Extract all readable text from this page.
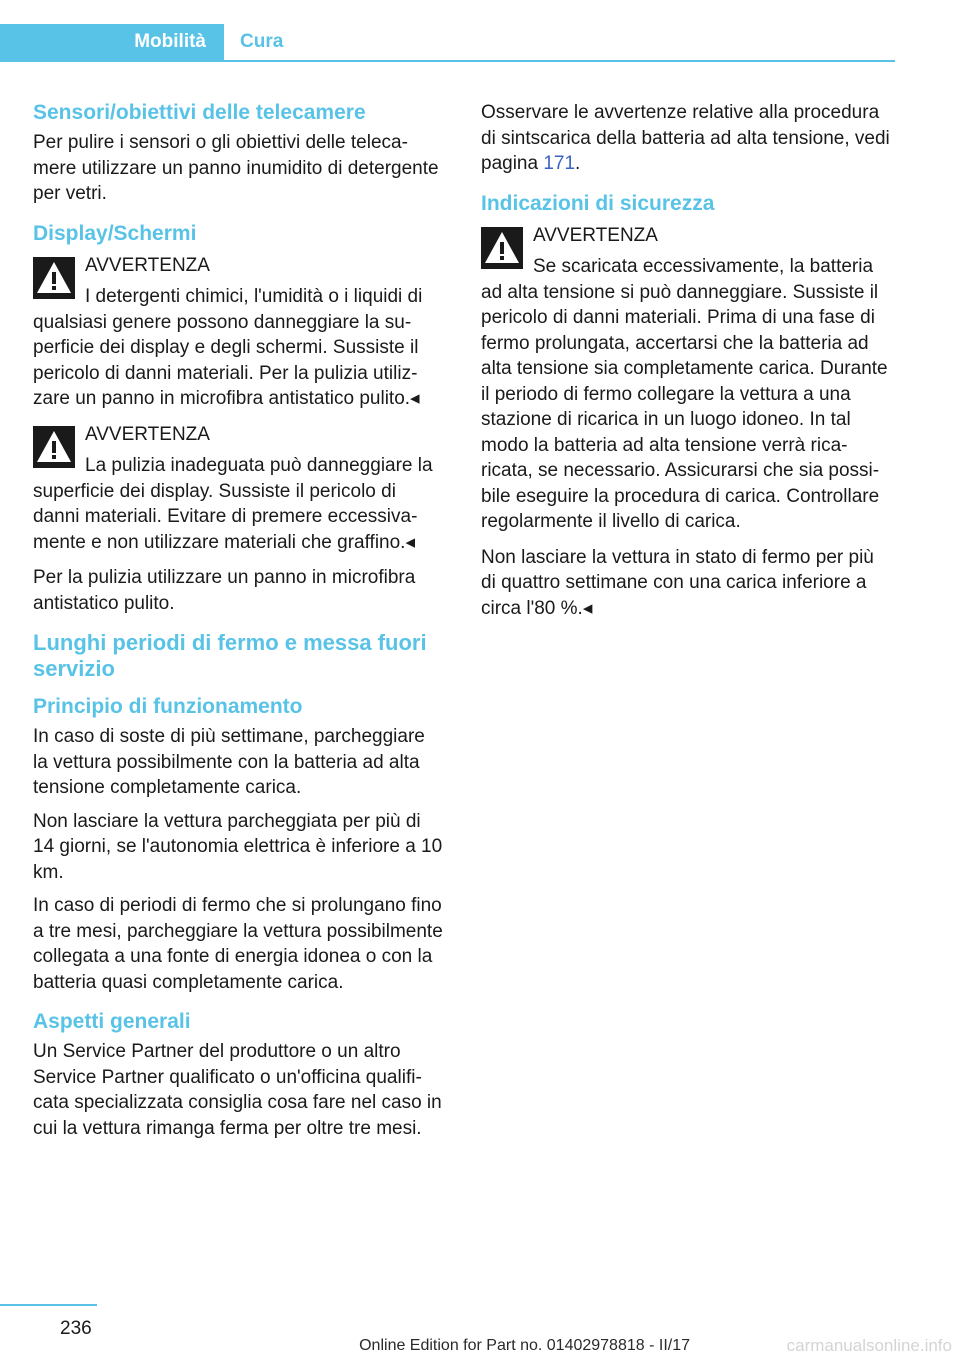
Mobilità	Cura
Sensori/obiettivi delle telecamere

Per pulire i sensori o gli obiettivi delle telecamere utilizzare un panno inumidito di detergente per vetri.

Display/Schermi
AVVERTENZA
I detergenti chimici, l'umidità o i liquidi di qualsiasi genere possono danneggiare la superficie dei display e degli schermi. Sussiste il pericolo di danni materiali. Per la pulizia utilizzare un panno in microfibra antistatico pulito.◂
AVVERTENZA
La pulizia inadeguata può danneggiare la superficie dei display. Sussiste il pericolo di danni materiali. Evitare di premere eccessivamente e non utilizzare materiali che graffino.◂

Per la pulizia utilizzare un panno in microfibra antistatico pulito.

Lunghi periodi di fermo e messa fuori servizio
Principio di funzionamento

In caso di soste di più settimane, parcheggiare la vettura possibilmente con la batteria ad alta tensione completamente carica.

Non lasciare la vettura parcheggiata per più di 14 giorni, se l'autonomia elettrica è inferiore a 10 km.

In caso di periodi di fermo che si prolungano fino a tre mesi, parcheggiare la vettura possibilmente collegata a una fonte di energia idonea o con la batteria quasi completamente carica.

Aspetti generali

Un Service Partner del produttore o un altro Service Partner qualificato o un'officina qualificata specializzata consiglia cosa fare nel caso in cui la vettura rimanga ferma per oltre tre mesi.

Osservare le avvertenze relative alla procedura di sintscarica della batteria ad alta tensione, vedi pagina 171.

Indicazioni di sicurezza
AVVERTENZA
Se scaricata eccessivamente, la batteria ad alta tensione si può danneggiare. Sussiste il pericolo di danni materiali. Prima di una fase di fermo prolungata, accertarsi che la batteria ad alta tensione sia completamente carica. Durante il periodo di fermo collegare la vettura a una stazione di ricarica in un luogo idoneo. In tal modo la batteria ad alta tensione verrà ricaricata, se necessario. Assicurarsi che sia possibile eseguire la procedura di carica. Controllare regolarmente il livello di carica.

Non lasciare la vettura in stato di fermo per più di quattro settimane con una carica inferiore a circa l'80 %.◂

236
Online Edition for Part no. 01402978818 - II/17	carmanualsonline.info
